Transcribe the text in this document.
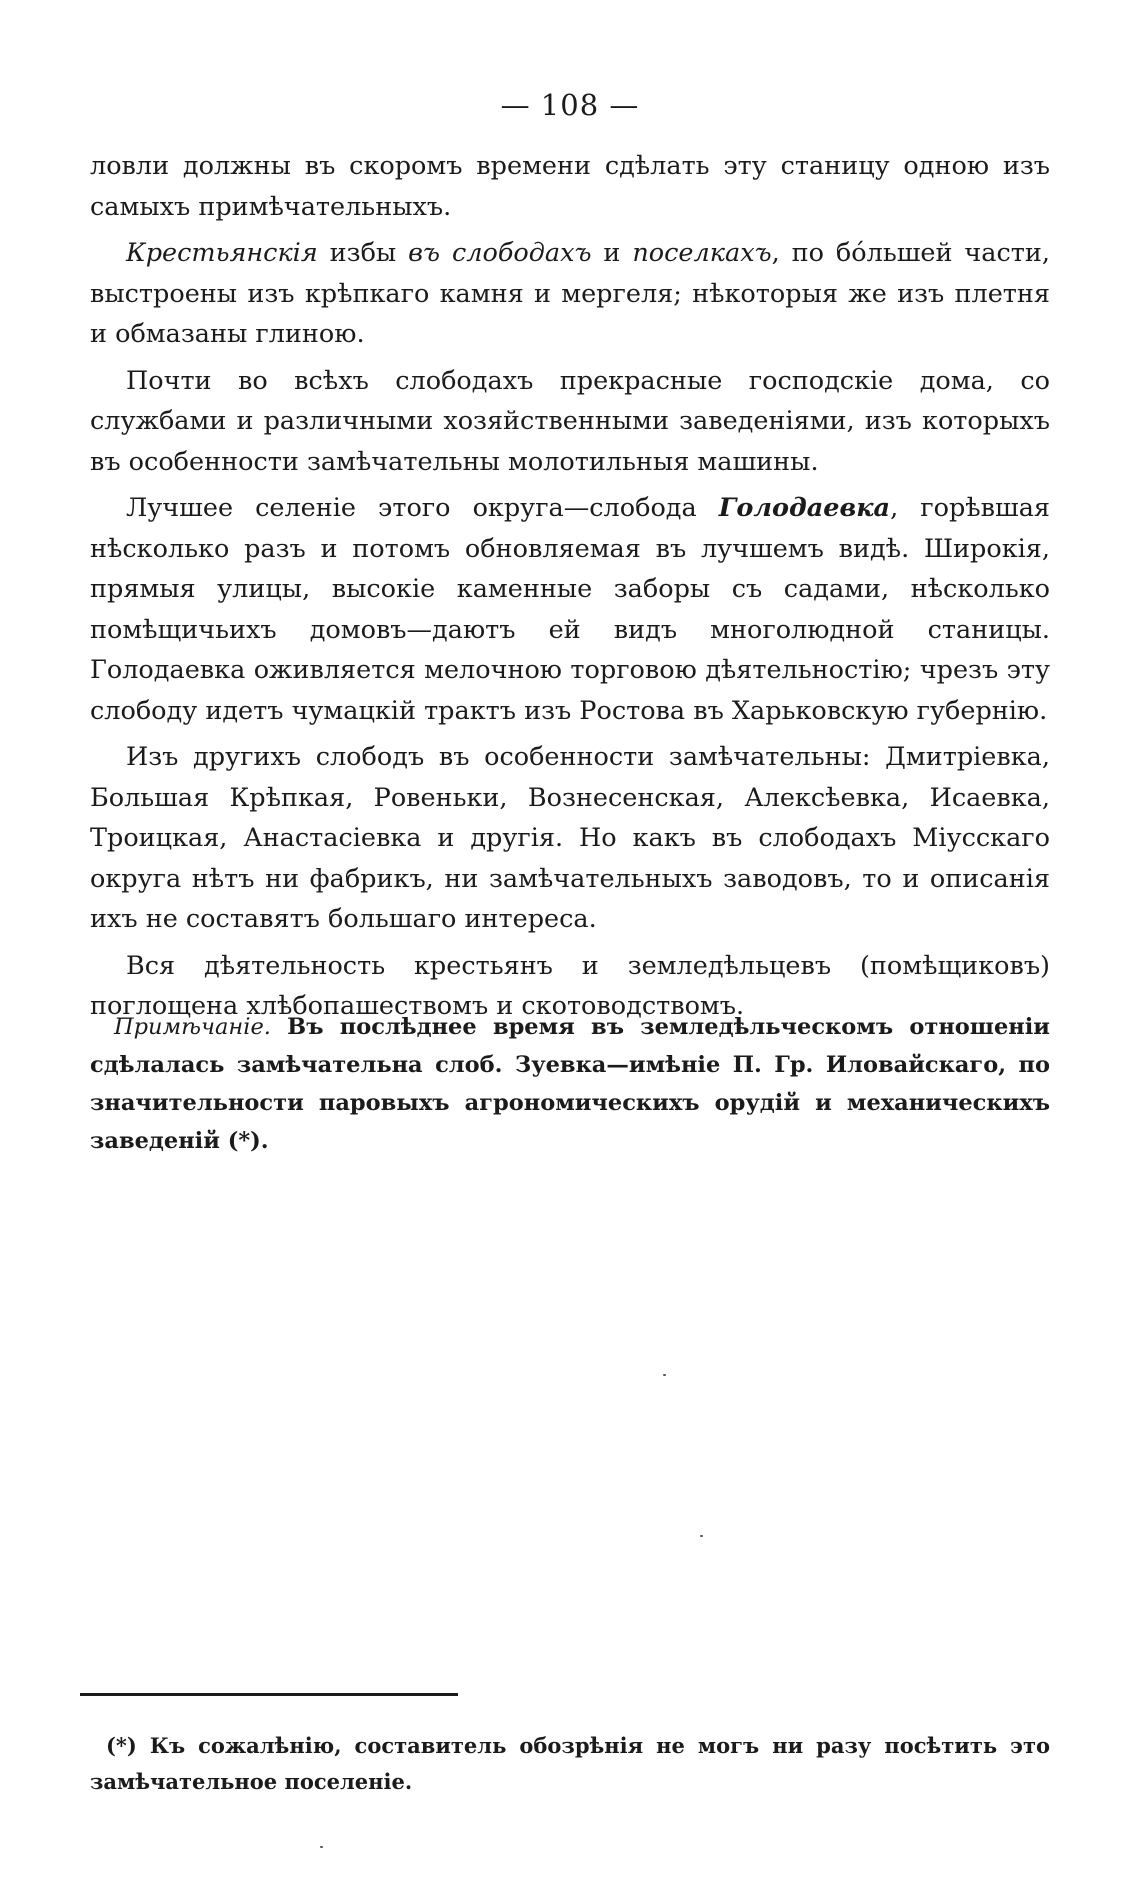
— 108 —

ловли должны въ скоромъ времени сдѣлать эту станицу одною изъ самыхъ примѣчательныхъ.

Крестьянскія избы въ слободахъ и поселкахъ, по бóльшей части, выстроены изъ крѣпкаго камня и мергеля; нѣкоторыя же изъ плетня и обмазаны глиною.

Почти во всѣхъ слободахъ прекрасные господскіе дома, со службами и различными хозяйственными заведеніями, изъ которыхъ въ особенности замѣчательны молотильныя машины.

Лучшее селеніе этого округа—слобода Голодаевка, горѣвшая нѣсколько разъ и потомъ обновляемая въ лучшемъ видѣ. Широкія, прямыя улицы, высокіе каменные заборы съ садами, нѣсколько помѣщичьихъ домовъ—даютъ ей видъ многолюдной станицы. Голодаевка оживляется мелочною торговою дѣятельностію; чрезъ эту слободу идетъ чумацкій трактъ изъ Ростова въ Харьковскую губернію.

Изъ другихъ слободъ въ особенности замѣчательны: Дмитріевка, Большая Крѣпкая, Ровеньки, Вознесенская, Алексѣевка, Исаевка, Троицкая, Анастасіевка и другія. Но какъ въ слободахъ Міусскаго округа нѣтъ ни фабрикъ, ни замѣчательныхъ заводовъ, то и описанія ихъ не составятъ большаго интереса.

Вся дѣятельность крестьянъ и земледѣльцевъ (помѣщиковъ) поглощена хлѣбопашествомъ и скотоводствомъ.

Примѣчаніе. Въ послѣднее время въ земледѣльческомъ отношеніи сдѣлалась замѣчательна слоб. Зуевка—имѣніе П. Гр. Иловайскаго, по значительности паровыхъ агрономическихъ орудій и механическихъ заведеній (*).

(*) Къ сожалѣнію, составитель обозрѣнія не могъ ни разу посѣтить это замѣчательное поселеніе.
